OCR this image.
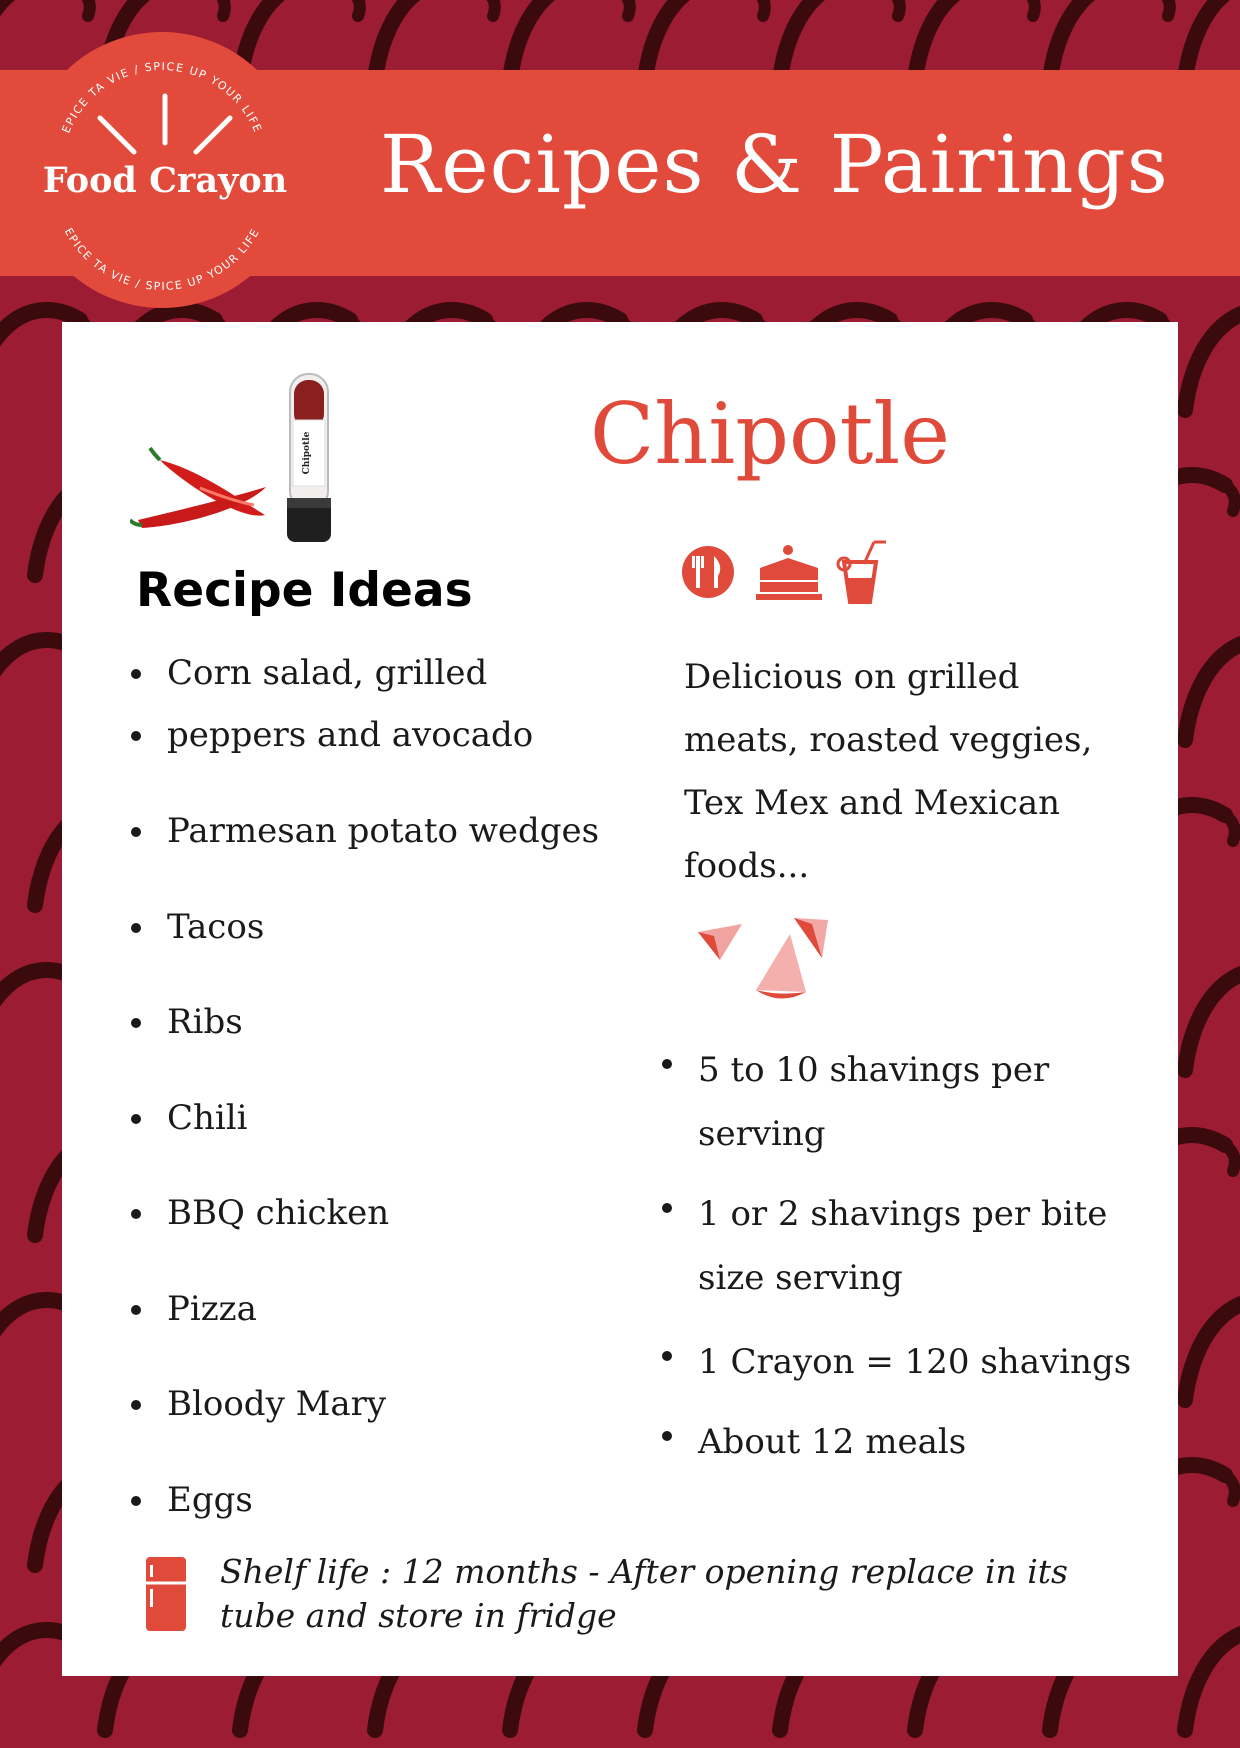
Recipes & Pairings
EPICE TA VIE / SPICE UP YOUR LIFE
EPICE TA VIE / SPICE UP YOUR LIFE
Food Crayon
Chipotle	Chipotle
Recipe Ideas
Corn salad, grilled
peppers and avocado
Parmesan potato wedges
Tacos
Ribs
Chili
BBQ chicken
Pizza
Bloody Mary
Eggs
Delicious on grilled meats, roasted veggies, Tex Mex and Mexican foods...
5 to 10 shavings per serving
1 or 2 shavings per bite size serving
1 Crayon = 120 shavings
About 12 meals
Shelf life : 12 months - After opening replace in its tube and store in fridge
